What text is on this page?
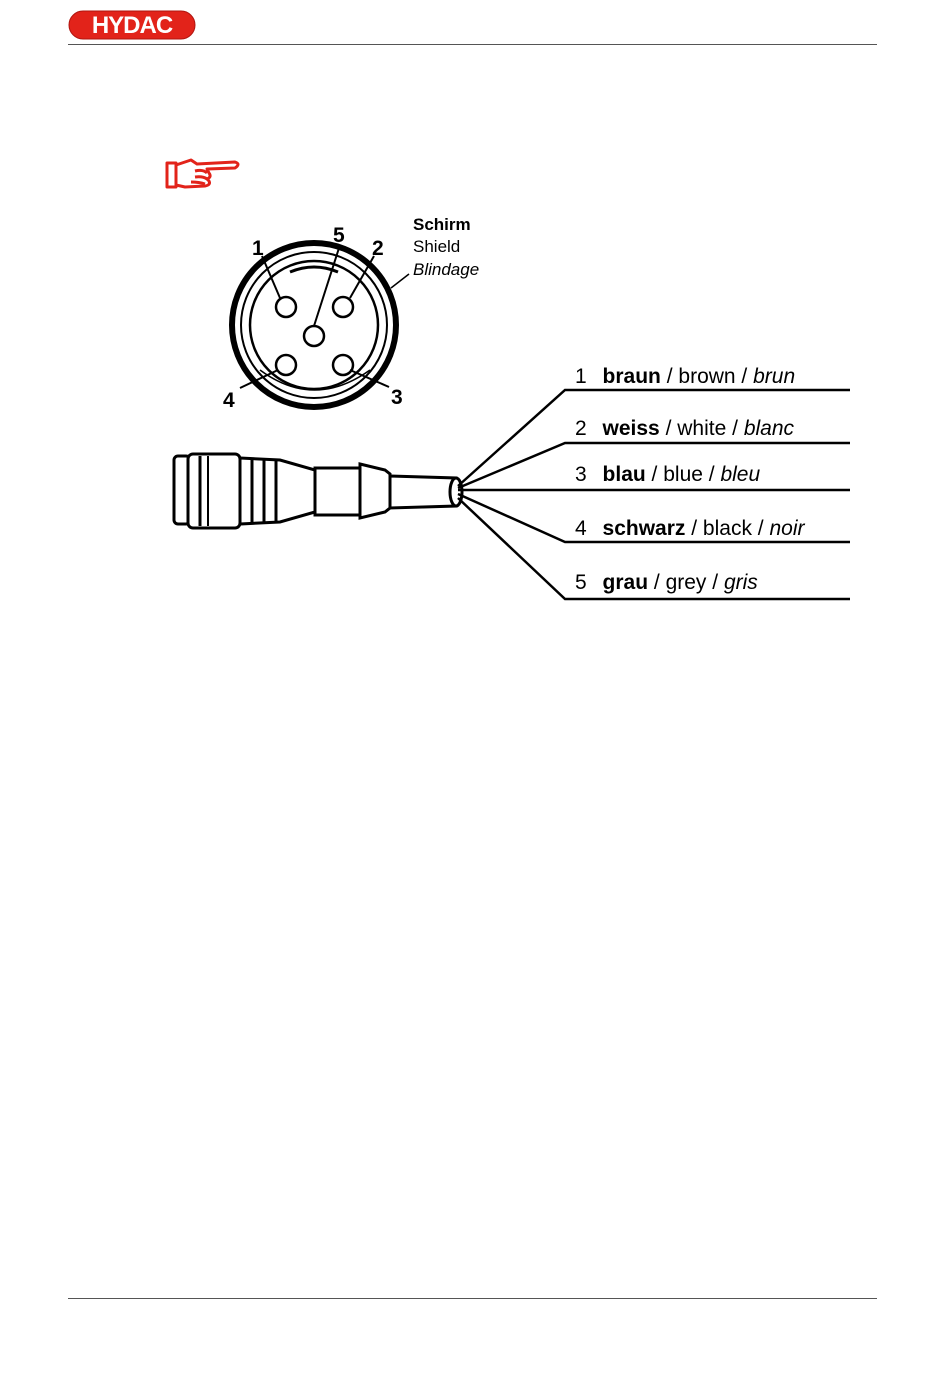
HYDAC
1
5
2
4	3
Schirm
Shield
Blindage
1 braun / brown / brun
2 weiss / white / blanc
3 blau / blue / bleu
4 schwarz / black / noir
5 grau / grey / gris
